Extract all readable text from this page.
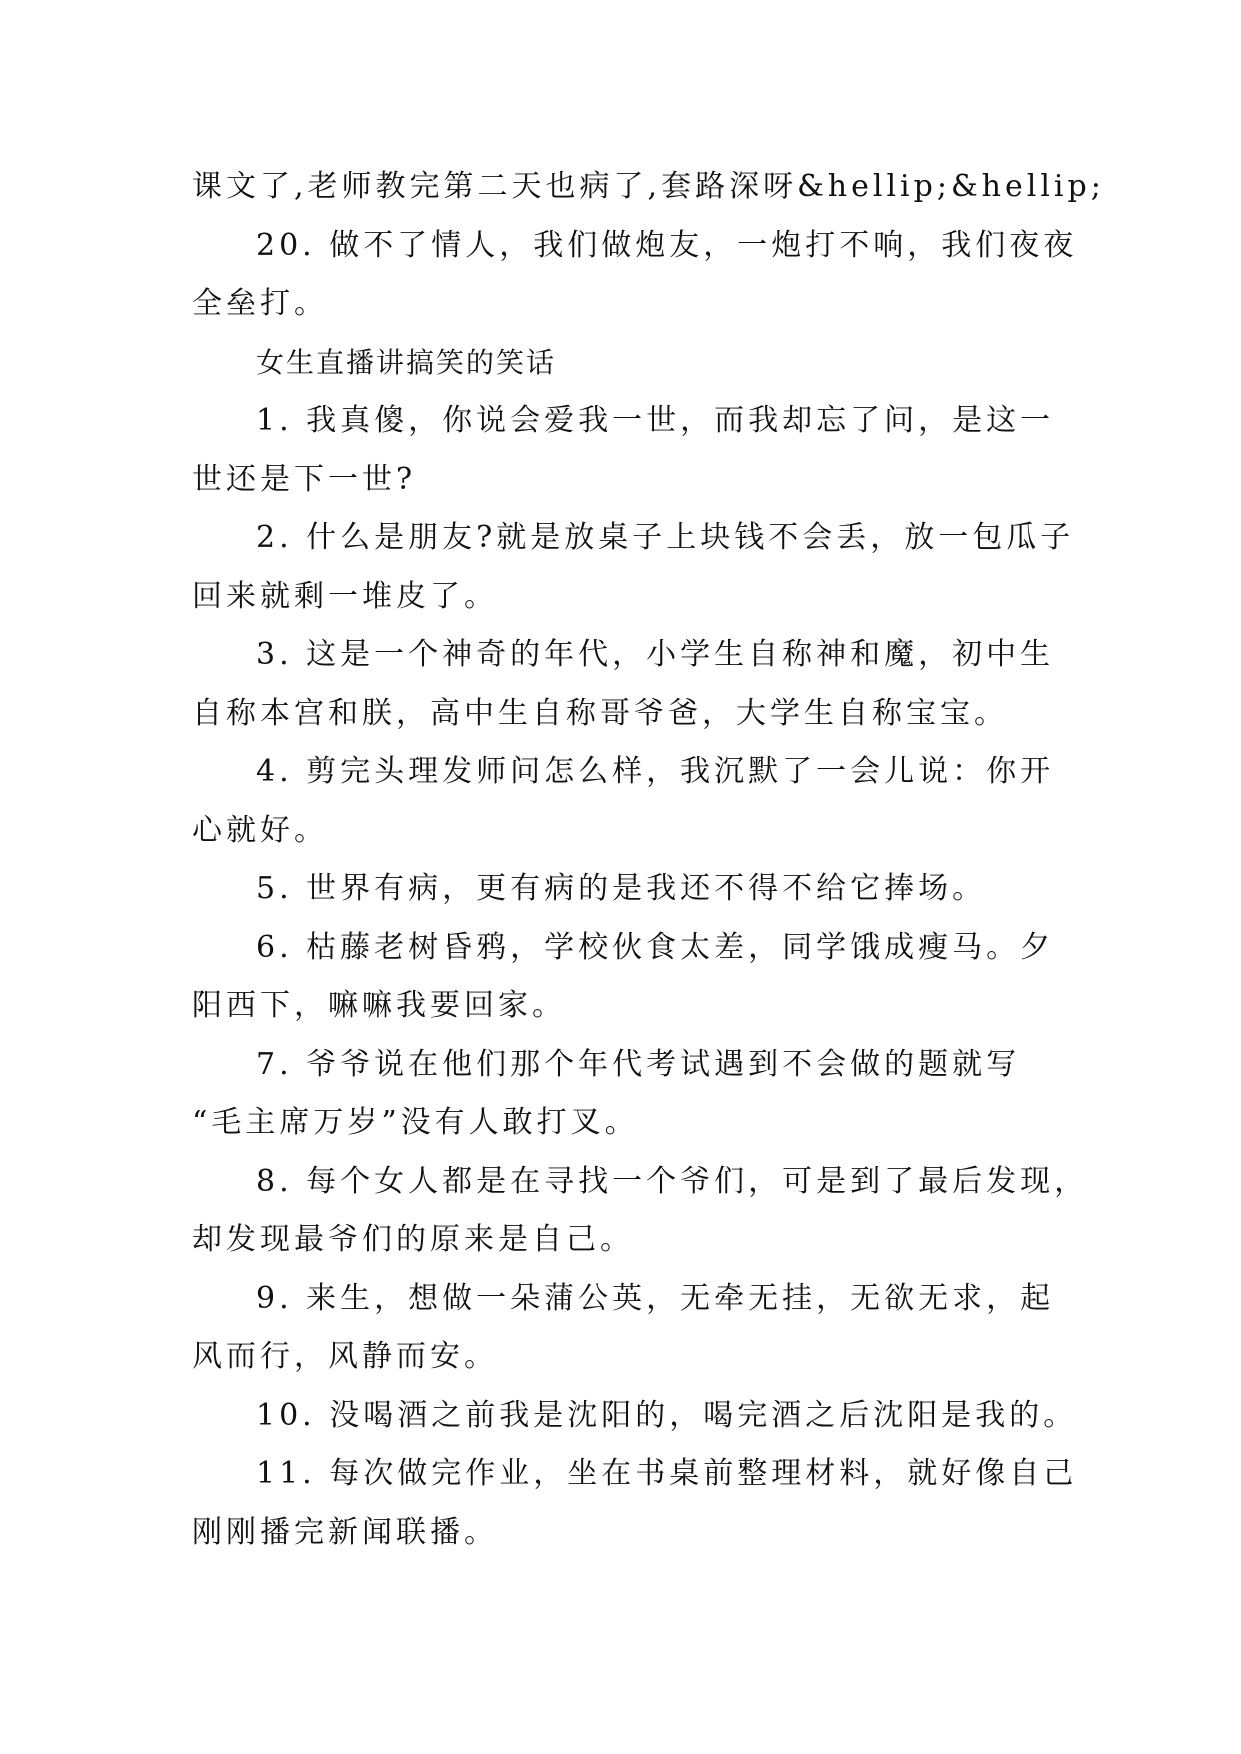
课文了,老师教完第二天也病了,套路深呀&hellip;&hellip;
20. 做不了情人，我们做炮友，一炮打不响，我们夜夜
全垒打。
女生直播讲搞笑的笑话
1. 我真傻，你说会爱我一世，而我却忘了问，是这一
世还是下一世?
2. 什么是朋友?就是放桌子上块钱不会丢，放一包瓜子
回来就剩一堆皮了。
3. 这是一个神奇的年代，小学生自称神和魔，初中生
自称本宫和朕，高中生自称哥爷爸，大学生自称宝宝。
4. 剪完头理发师问怎么样，我沉默了一会儿说：你开
心就好。
5. 世界有病，更有病的是我还不得不给它捧场。
6. 枯藤老树昏鸦，学校伙食太差，同学饿成瘦马。夕
阳西下，嘛嘛我要回家。
7. 爷爷说在他们那个年代考试遇到不会做的题就写
“毛主席万岁”没有人敢打叉。
8. 每个女人都是在寻找一个爷们，可是到了最后发现，
却发现最爷们的原来是自己。
9. 来生，想做一朵蒲公英，无牵无挂，无欲无求，起
风而行，风静而安。
10. 没喝酒之前我是沈阳的，喝完酒之后沈阳是我的。
11. 每次做完作业，坐在书桌前整理材料，就好像自己
刚刚播完新闻联播。
